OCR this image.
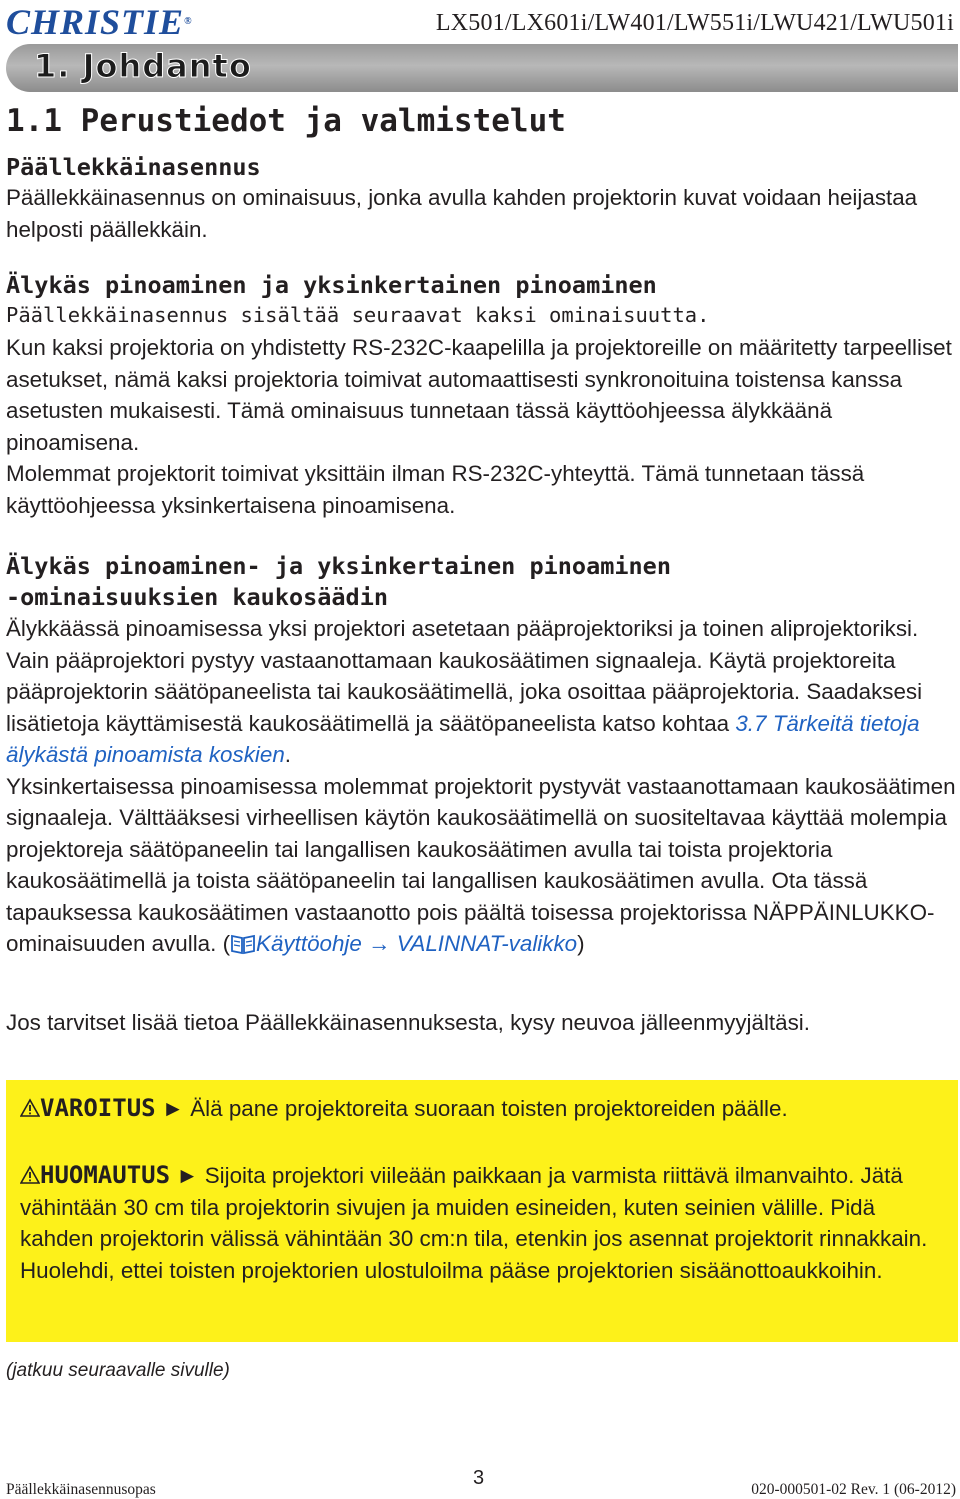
CHRISTIE®	LX501/LX601i/LW401/LW551i/LWU421/LWU501i
1. Johdanto
1.1 Perustiedot ja valmistelut
Päällekkäinasennus

Päällekkäinasennus on ominaisuus, jonka avulla kahden projektorin kuvat voidaan heijastaa helposti päällekkäin.

Älykäs pinoaminen ja yksinkertainen pinoaminen

Päällekkäinasennus sisältää seuraavat kaksi ominaisuutta.

Kun kaksi projektoria on yhdistetty RS-232C-kaapelilla ja projektoreille on määritetty tarpeelliset asetukset, nämä kaksi projektoria toimivat automaattisesti synkronoituina toistensa kanssa asetusten mukaisesti. Tämä ominaisuus tunnetaan tässä käyttöohjeessa älykkäänä pinoamisena.

Molemmat projektorit toimivat yksittäin ilman RS-232C-yhteyttä. Tämä tunnetaan tässä käyttöohjeessa yksinkertaisena pinoamisena.

Älykäs pinoaminen- ja yksinkertainen pinoaminen
-ominaisuuksien kaukosäädin

Älykkäässä pinoamisessa yksi projektori asetetaan pääprojektoriksi ja toinen aliprojektoriksi. Vain pääprojektori pystyy vastaanottamaan kaukosäätimen signaaleja. Käytä projektoreita pääprojektorin säätöpaneelista tai kaukosäätimellä, joka osoittaa pääprojektoria. Saadaksesi lisätietoja käyttämisestä kaukosäätimellä ja säätöpaneelista katso kohtaa 3.7 Tärkeitä tietoja älykästä pinoamista koskien.
Yksinkertaisessa pinoamisessa molemmat projektorit pystyvät vastaanottamaan kaukosäätimen signaaleja. Välttääksesi virheellisen käytön kaukosäätimellä on suositeltavaa käyttää molempia projektoreja säätöpaneelin tai langallisen kaukosäätimen avulla tai toista projektoria kaukosäätimellä ja toista säätöpaneelin tai langallisen kaukosäätimen avulla. Ota tässä tapauksessa kaukosäätimen vastaanotto pois päältä toisessa projektorissa NÄPPÄINLUKKO-ominaisuuden avulla. ( Käyttöohje → VALINNAT-valikko)

Jos tarvitset lisää tietoa Päällekkäinasennuksesta, kysy neuvoa jälleenmyyjältäsi.

VAROITUS ► Älä pane projektoreita suoraan toisten projektoreiden päälle.

HUOMAUTUS ► Sijoita projektori viileään paikkaan ja varmista riittävä ilmanvaihto. Jätä vähintään 30 cm tila projektorin sivujen ja muiden esineiden, kuten seinien välille. Pidä kahden projektorin välissä vähintään 30 cm:n tila, etenkin jos asennat projektorit rinnakkain. Huolehdi, ettei toisten projektorien ulostuloilma pääse projektorien sisäänottoaukkoihin.

(jatkuu seuraavalle sivulle)
Päällekkäinasennusopas
3
020-000501-02 Rev. 1 (06-2012)
